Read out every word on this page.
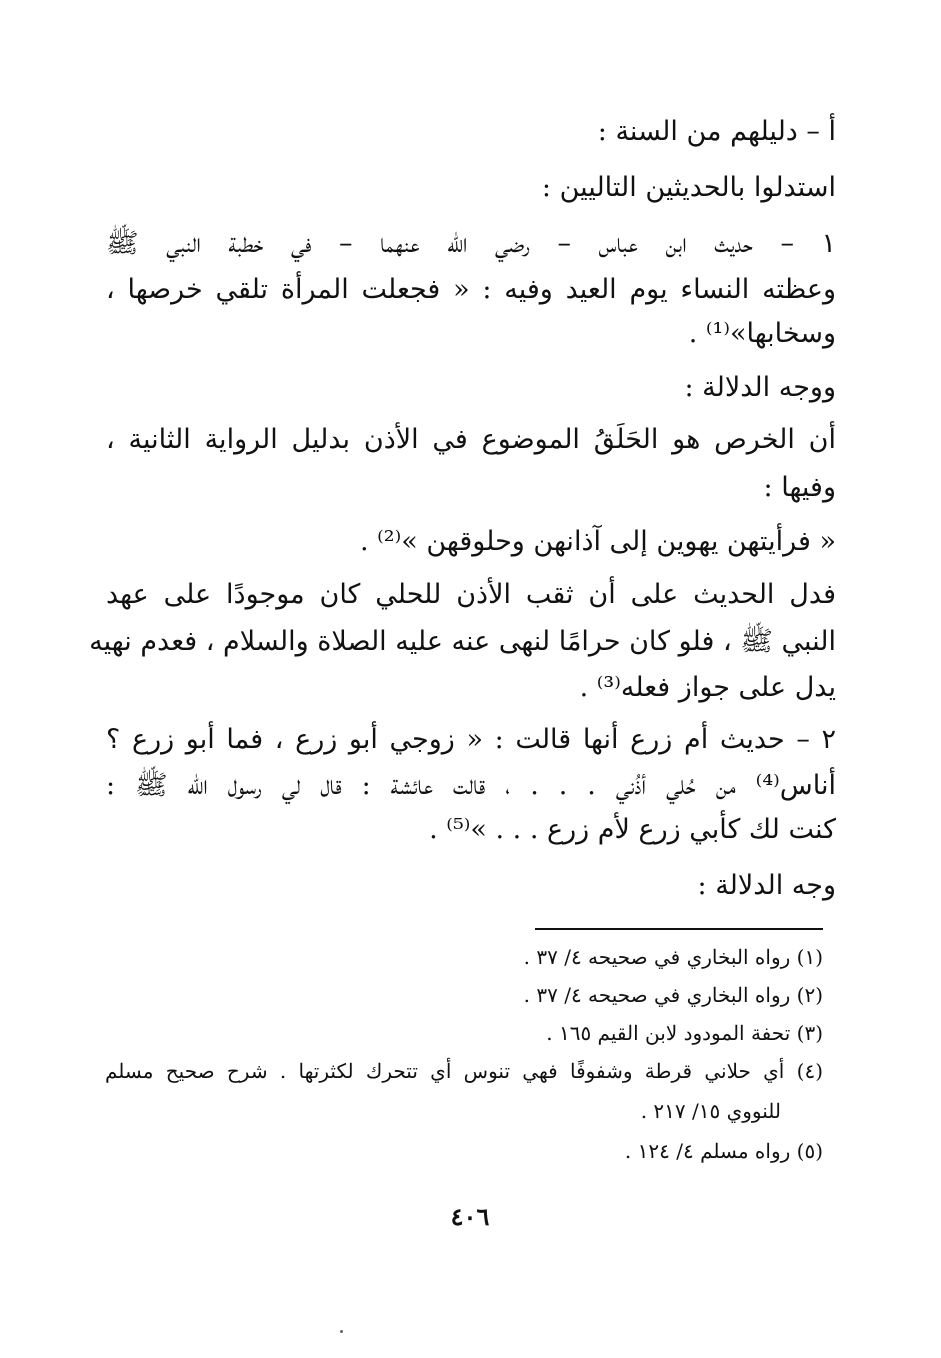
أ – دليلهم من السنة :
استدلوا بالحديثين التاليين :
١ – حديث ابن عباس – رضي الله عنهما – في خطبة النبي ﷺ
وعظته النساء يوم العيد وفيه : « فجعلت المرأة تلقي خرصها ،
وسخابها»⁽¹⁾ .
ووجه الدلالة :
أن الخرص هو الحَلَقُ الموضوع في الأذن بدليل الرواية الثانية ،
وفيها :
« فرأيتهن يهوين إلى آذانهن وحلوقهن »⁽²⁾ .
فدل الحديث على أن ثقب الأذن للحلي كان موجودًا على عهد
النبي ﷺ ، فلو كان حرامًا لنهى عنه عليه الصلاة والسلام ، فعدم نهيه
يدل على جواز فعله⁽³⁾ .
٢ – حديث أم زرع أنها قالت : « زوجي أبو زرع ، فما أبو زرع ؟
أناس⁽⁴⁾ من حُلي أذُني . . . ، قالت عائشة : قال لي رسول الله ﷺ :
كنت لك كأبي زرع لأم زرع . . . »⁽⁵⁾ .
وجه الدلالة :
(١) رواه البخاري في صحيحه ٤/ ٣٧ .
(٢) رواه البخاري في صحيحه ٤/ ٣٧ .
(٣) تحفة المودود لابن القيم ١٦٥ .
(٤) أي حلاني قرطة وشفوفًا فهي تنوس أي تتحرك لكثرتها . شرح صحيح مسلم
للنووي ١٥/ ٢١٧ .
(٥) رواه مسلم ٤/ ١٢٤ .
٤٠٦
